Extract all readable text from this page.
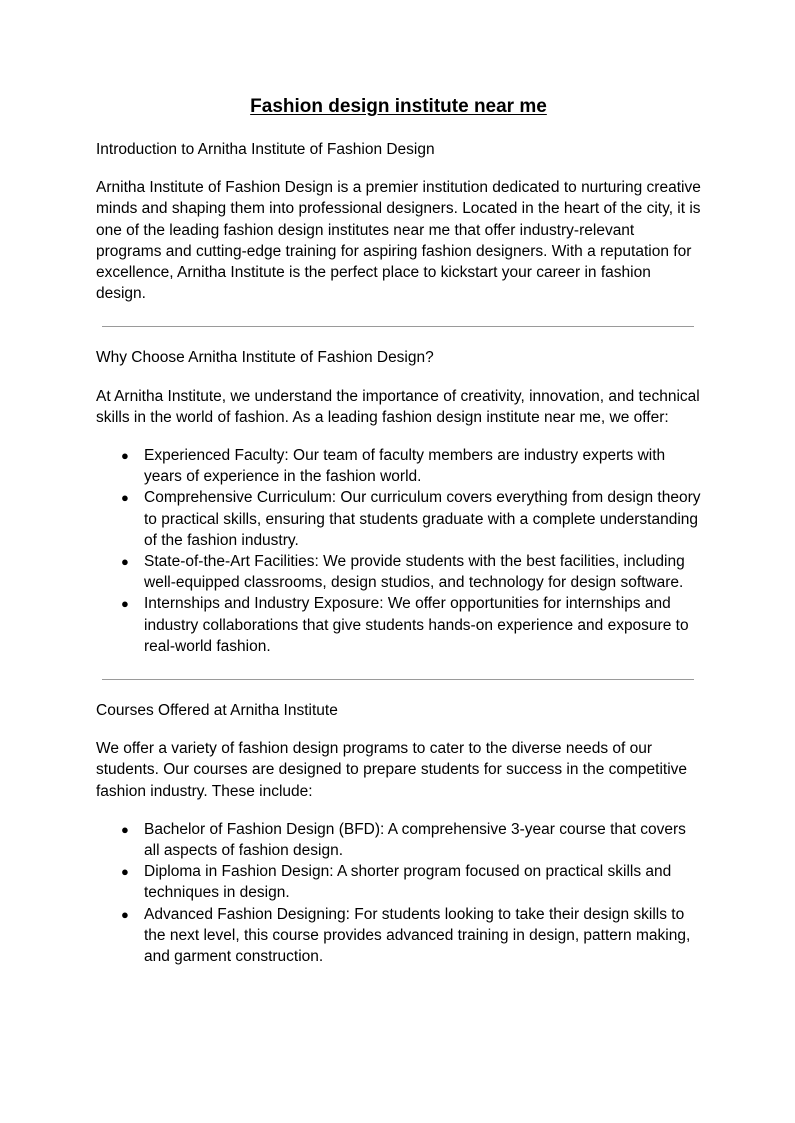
Fashion design institute near me

Introduction to Arnitha Institute of Fashion Design

Arnitha Institute of Fashion Design is a premier institution dedicated to nurturing creative minds and shaping them into professional designers. Located in the heart of the city, it is one of the leading fashion design institutes near me that offer industry-relevant programs and cutting-edge training for aspiring fashion designers. With a reputation for excellence, Arnitha Institute is the perfect place to kickstart your career in fashion design.

Why Choose Arnitha Institute of Fashion Design?

At Arnitha Institute, we understand the importance of creativity, innovation, and technical skills in the world of fashion. As a leading fashion design institute near me, we offer:

● Experienced Faculty: Our team of faculty members are industry experts with years of experience in the fashion world.
● Comprehensive Curriculum: Our curriculum covers everything from design theory to practical skills, ensuring that students graduate with a complete understanding of the fashion industry.
● State-of-the-Art Facilities: We provide students with the best facilities, including well-equipped classrooms, design studios, and technology for design software.
● Internships and Industry Exposure: We offer opportunities for internships and industry collaborations that give students hands-on experience and exposure to real-world fashion.

Courses Offered at Arnitha Institute

We offer a variety of fashion design programs to cater to the diverse needs of our students. Our courses are designed to prepare students for success in the competitive fashion industry. These include:

● Bachelor of Fashion Design (BFD): A comprehensive 3-year course that covers all aspects of fashion design.
● Diploma in Fashion Design: A shorter program focused on practical skills and techniques in design.
● Advanced Fashion Designing: For students looking to take their design skills to the next level, this course provides advanced training in design, pattern making, and garment construction.
